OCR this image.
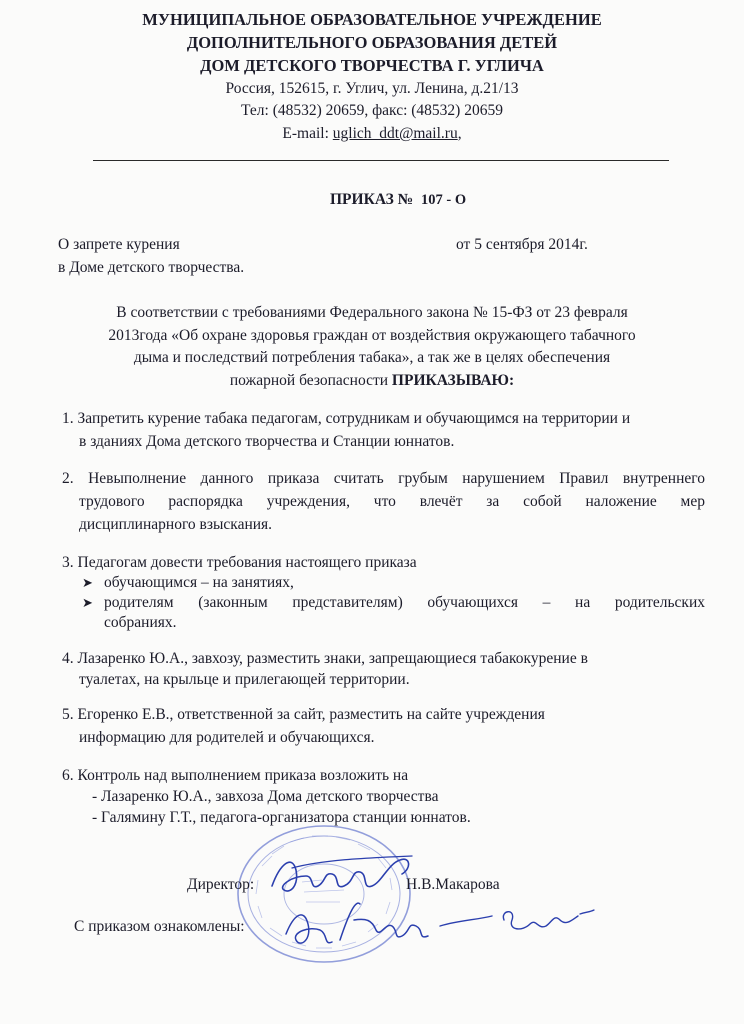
МУНИЦИПАЛЬНОЕ ОБРАЗОВАТЕЛЬНОЕ УЧРЕЖДЕНИЕ
ДОПОЛНИТЕЛЬНОГО ОБРАЗОВАНИЯ ДЕТЕЙ
ДОМ ДЕТСКОГО ТВОРЧЕСТВА Г. УГЛИЧА
Россия, 152615, г. Углич, ул. Ленина, д.21/13
Тел: (48532) 20659, факс: (48532) 20659
E-mail: uglich_ddt@mail.ru,
ПРИКАЗ № 107 - О
О запрете курения
в Доме детского творчества.
от 5 сентября 2014г.
В соответствии с требованиями Федерального закона № 15-ФЗ от 23 февраля
2013года «Об охране здоровья граждан от воздействия окружающего табачного
дыма и последствий потребления табака», а так же в целях обеспечения
пожарной безопасности ПРИКАЗЫВАЮ:
1. Запретить курение табака педагогам, сотрудникам и обучающимся на территории и
в зданиях Дома детского творчества и Станции юннатов.
2. Невыполнение данного приказа считать грубым нарушением Правил внутреннего
трудового распорядка учреждения, что влечёт за собой наложение мер
дисциплинарного взыскания.
3. Педагогам довести требования настоящего приказа
➤ обучающимся – на занятиях,
➤ родителям (законным представителям) обучающихся – на родительских
собраниях.
4. Лазаренко Ю.А., завхозу, разместить знаки, запрещающиеся табакокурение в
туалетах, на крыльце и прилегающей территории.
5. Егоренко Е.В., ответственной за сайт, разместить на сайте учреждения
информацию для родителей и обучающихся.
6. Контроль над выполнением приказа возложить на
- Лазаренко Ю.А., завхоза Дома детского творчества
- Галямину Г.Т., педагога-организатора станции юннатов.
Директор:	Н.В.Макарова
С приказом ознакомлены:
